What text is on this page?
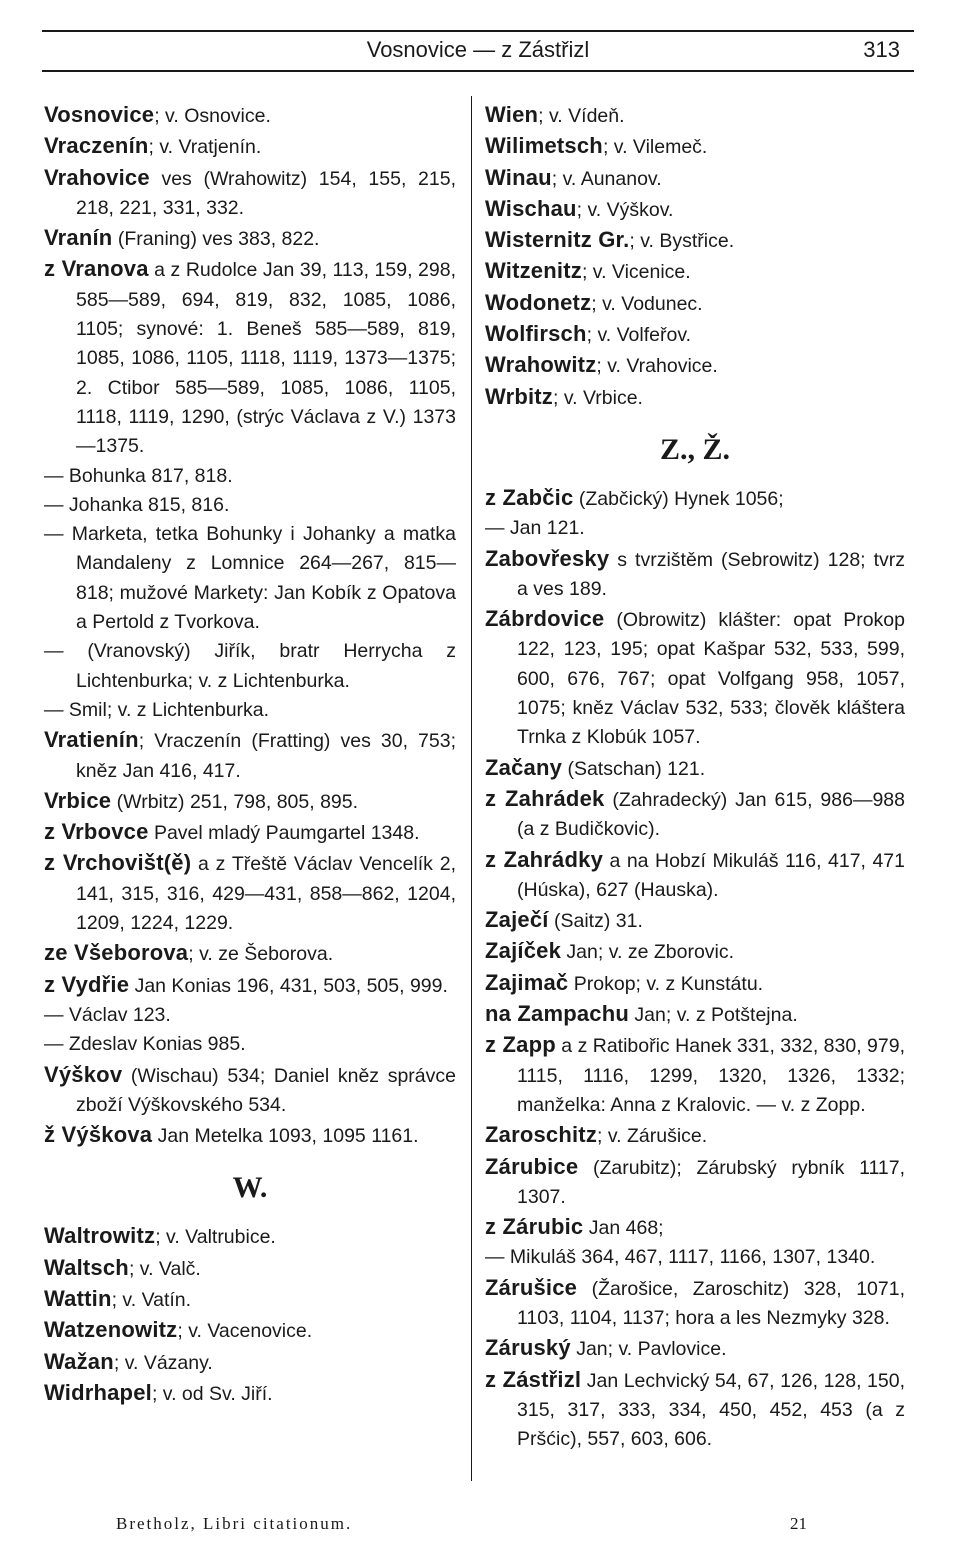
Vosnovice — z Zástřizl	313

Vosnovice; v. Osnovice.

Vraczenín; v. Vratjenín.

Vrahovice ves (Wrahowitz) 154, 155, 215, 218, 221, 331, 332.

Vranín (Franing) ves 383, 822.

z Vranova a z Rudolce Jan 39, 113, 159, 298, 585—589, 694, 819, 832, 1085, 1086, 1105; synové: 1. Beneš 585—589, 819, 1085, 1086, 1105, 1118, 1119, 1373—1375; 2. Ctibor 585—589, 1085, 1086, 1105, 1118, 1119, 1290, (strýc Václava z V.) 1373—1375.

— Bohunka 817, 818.

— Johanka 815, 816.

— Marketa, tetka Bohunky i Johanky a matka Mandaleny z Lomnice 264—267, 815—818; mužové Markety: Jan Kobík z Opatova a Pertold z Tvorkova.

— (Vranovský) Jiřík, bratr Herrycha z Lichtenburka; v. z Lichtenburka.

— Smil; v. z Lichtenburka.

Vratienín; Vraczenín (Fratting) ves 30, 753; kněz Jan 416, 417.

Vrbice (Wrbitz) 251, 798, 805, 895.

z Vrbovce Pavel mladý Paumgartel 1348.

z Vrchovišt(ě) a z Třeště Václav Vencelík 2, 141, 315, 316, 429—431, 858—862, 1204, 1209, 1224, 1229.

ze Všeborova; v. ze Šeborova.

z Vydřie Jan Konias 196, 431, 503, 505, 999.

— Václav 123.

— Zdeslav Konias 985.

Výškov (Wischau) 534; Daniel kněz správce zboží Výškovského 534.

ž Výškova Jan Metelka 1093, 1095 1161.

W.

Waltrowitz; v. Valtrubice.

Waltsch; v. Valč.

Wattin; v. Vatín.

Watzenowitz; v. Vacenovice.

Wažan; v. Vázany.

Widrhapel; v. od Sv. Jiří.

Wien; v. Vídeň.

Wilimetsch; v. Vilemeč.

Winau; v. Aunanov.

Wischau; v. Výškov.

Wisternitz Gr.; v. Bystřice.

Witzenitz; v. Vicenice.

Wodonetz; v. Vodunec.

Wolfirsch; v. Volfeřov.

Wrahowitz; v. Vrahovice.

Wrbitz; v. Vrbice.

Z., Ž.

z Zabčic (Zabčický) Hynek 1056;

— Jan 121.

Zabovřesky s tvrzištěm (Sebrowitz) 128; tvrz a ves 189.

Zábrdovice (Obrowitz) klášter: opat Prokop 122, 123, 195; opat Kašpar 532, 533, 599, 600, 676, 767; opat Volfgang 958, 1057, 1075; kněz Václav 532, 533; člověk kláštera Trnka z Klobúk 1057.

Začany (Satschan) 121.

z Zahrádek (Zahradecký) Jan 615, 986—988 (a z Budičkovic).

z Zahrádky a na Hobzí Mikuláš 116, 417, 471 (Húska), 627 (Hauska).

Zaječí (Saitz) 31.

Zajíček Jan; v. ze Zborovic.

Zajimač Prokop; v. z Kunstátu.

na Zampachu Jan; v. z Potštejna.

z Zapp a z Ratibořic Hanek 331, 332, 830, 979, 1115, 1116, 1299, 1320, 1326, 1332; manželka: Anna z Kralovic. — v. z Zopp.

Zaroschitz; v. Zárušice.

Zárubice (Zarubitz); Zárubský rybník 1117, 1307.

z Zárubic Jan 468;

— Mikuláš 364, 467, 1117, 1166, 1307, 1340.

Zárušice (Žarošice, Zaroschitz) 328, 1071, 1103, 1104, 1137; hora a les Nezmyky 328.

Záruský Jan; v. Pavlovice.

z Zástřizl Jan Lechvický 54, 67, 126, 128, 150, 315, 317, 333, 334, 450, 452, 453 (a z Pršćic), 557, 603, 606.

Bretholz, Libri citationum.	21
